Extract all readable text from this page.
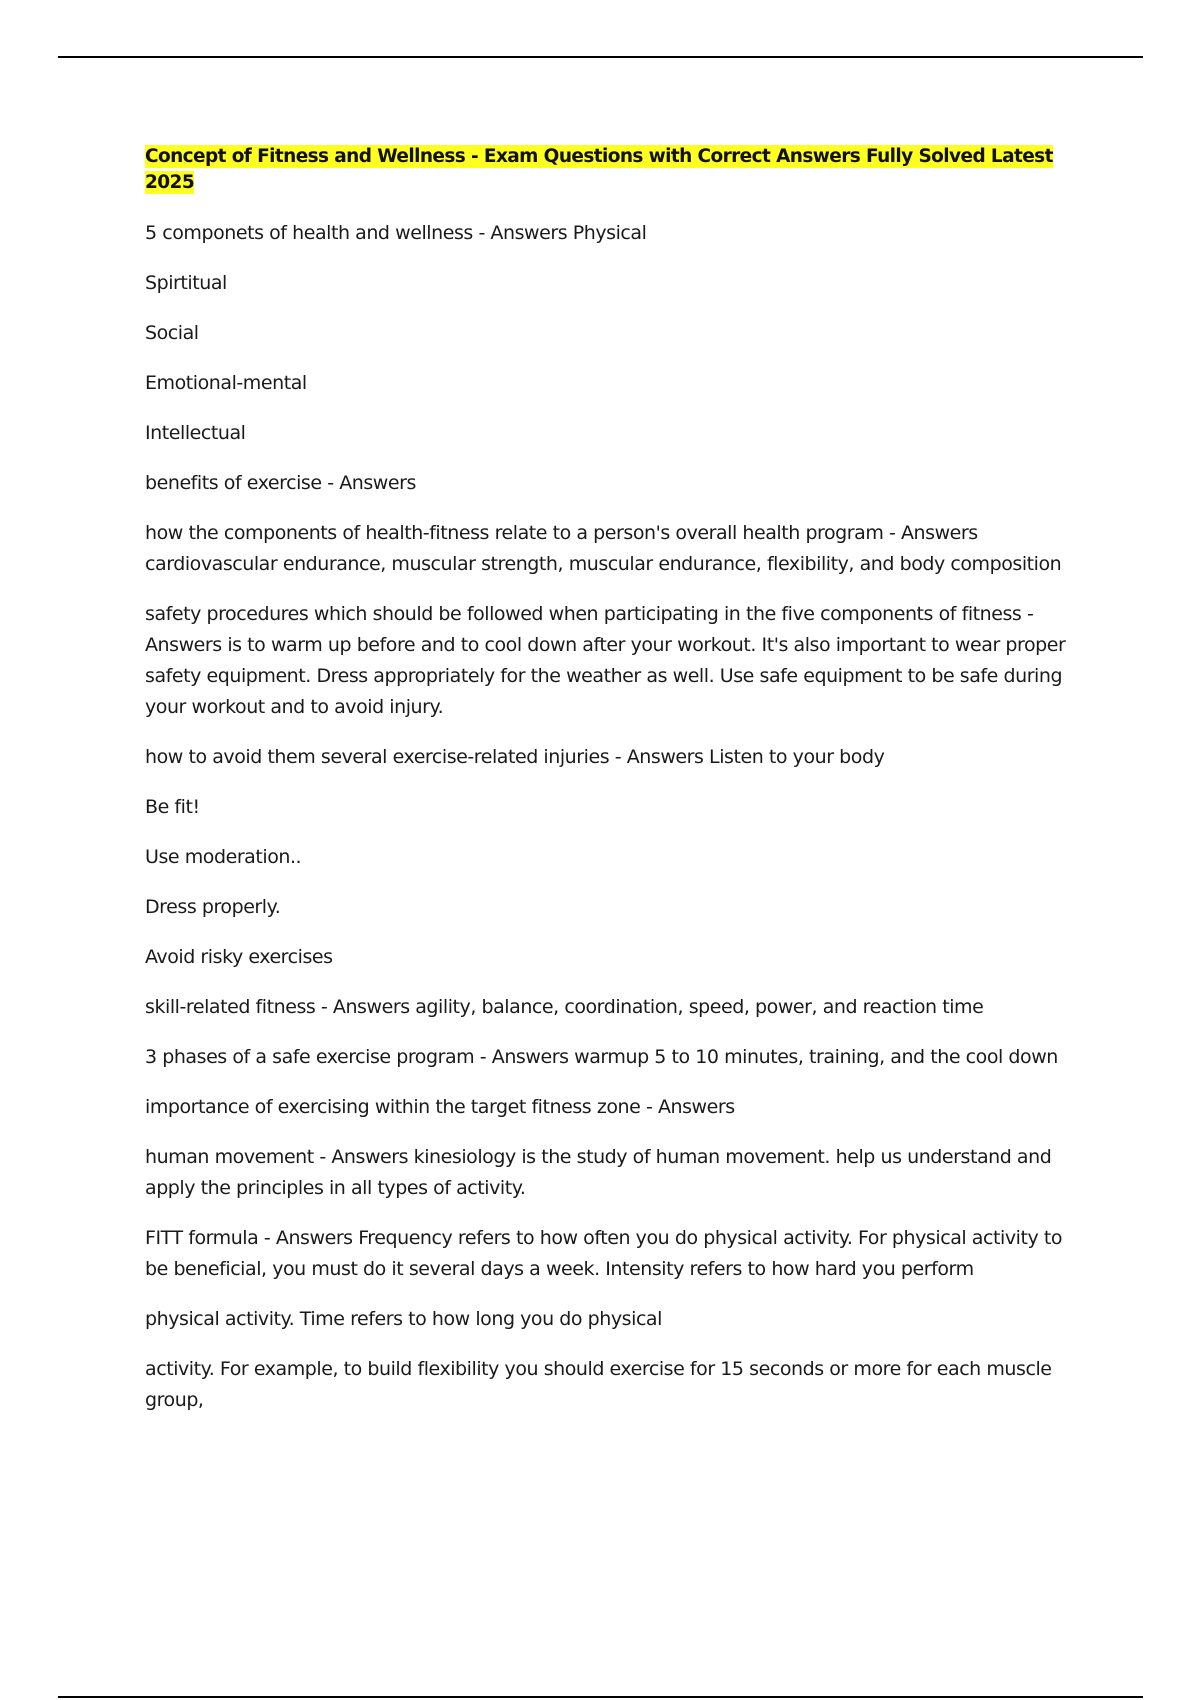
Concept of Fitness and Wellness - Exam Questions with Correct Answers Fully Solved Latest 2025

5 componets of health and wellness - Answers Physical

Spirtitual

Social

Emotional-mental

Intellectual

benefits of exercise - Answers

how the components of health-fitness relate to a person's overall health program - Answers cardiovascular endurance, muscular strength, muscular endurance, flexibility, and body composition

safety procedures which should be followed when participating in the five components of fitness - Answers is to warm up before and to cool down after your workout. It's also important to wear proper safety equipment. Dress appropriately for the weather as well. Use safe equipment to be safe during your workout and to avoid injury.

how to avoid them several exercise-related injuries - Answers Listen to your body

Be fit!

Use moderation..

Dress properly.

Avoid risky exercises

skill-related fitness - Answers agility, balance, coordination, speed, power, and reaction time

3 phases of a safe exercise program - Answers warmup 5 to 10 minutes, training, and the cool down

importance of exercising within the target fitness zone - Answers

human movement - Answers kinesiology is the study of human movement. help us understand and apply the principles in all types of activity.

FITT formula - Answers Frequency refers to how often you do physical activity. For physical activity to be beneficial, you must do it several days a week. Intensity refers to how hard you perform

physical activity. Time refers to how long you do physical

activity. For example, to build flexibility you should exercise for 15 seconds or more for each muscle group,
